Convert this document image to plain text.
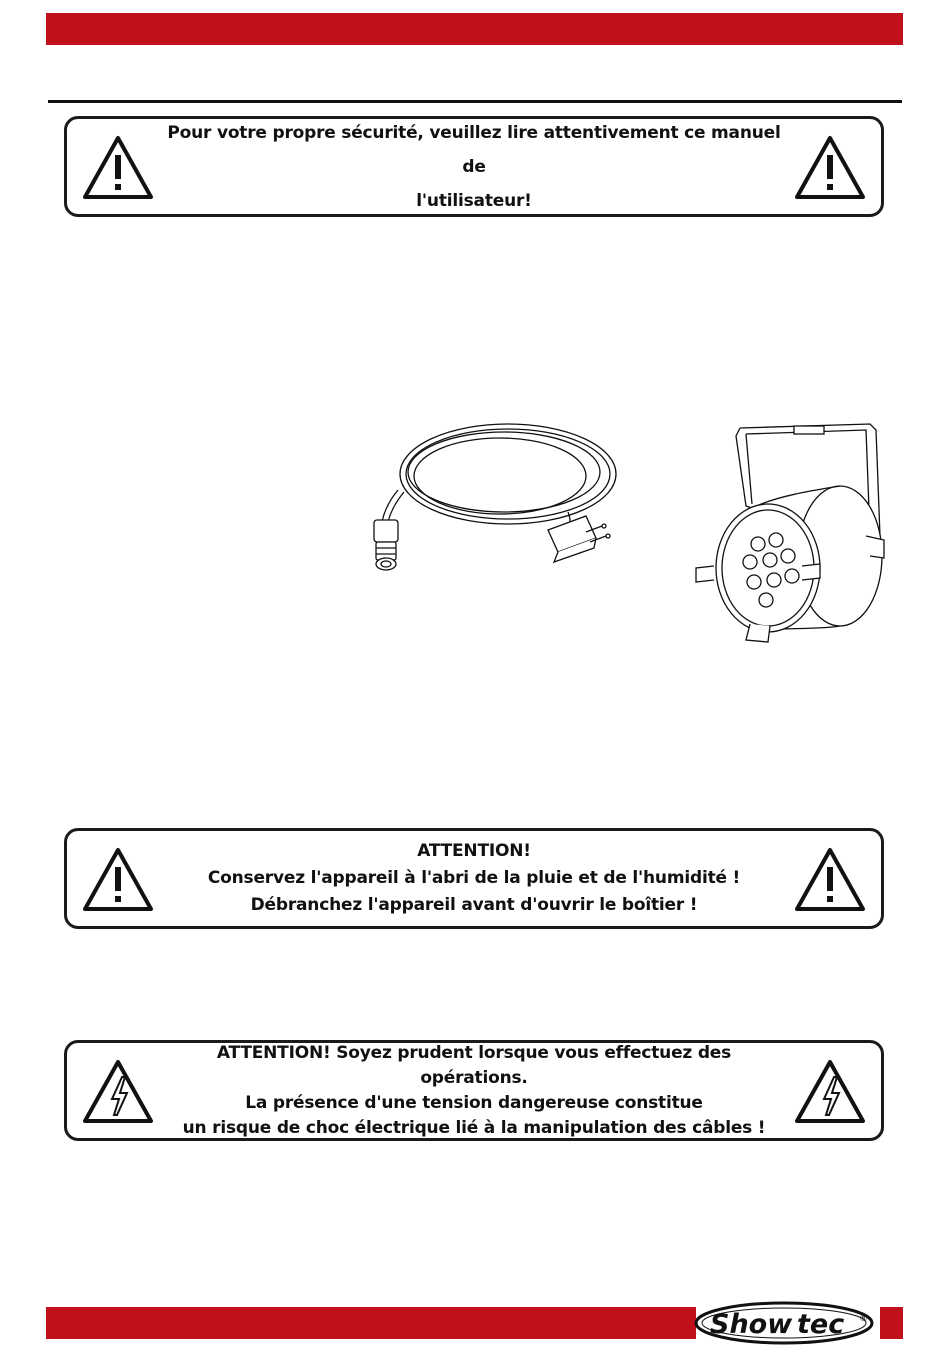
Pour votre propre sécurité, veuillez lire attentivement ce manuel de
l'utilisateur!
ATTENTION!
Conservez l'appareil à l'abri de la pluie et de l'humidité !
Débranchez l'appareil avant d'ouvrir le boîtier !
ATTENTION! Soyez prudent lorsque vous effectuez des opérations.
La présence d'une tension dangereuse constitue
un risque de choc électrique lié à la manipulation des câbles !
Show tec ®
